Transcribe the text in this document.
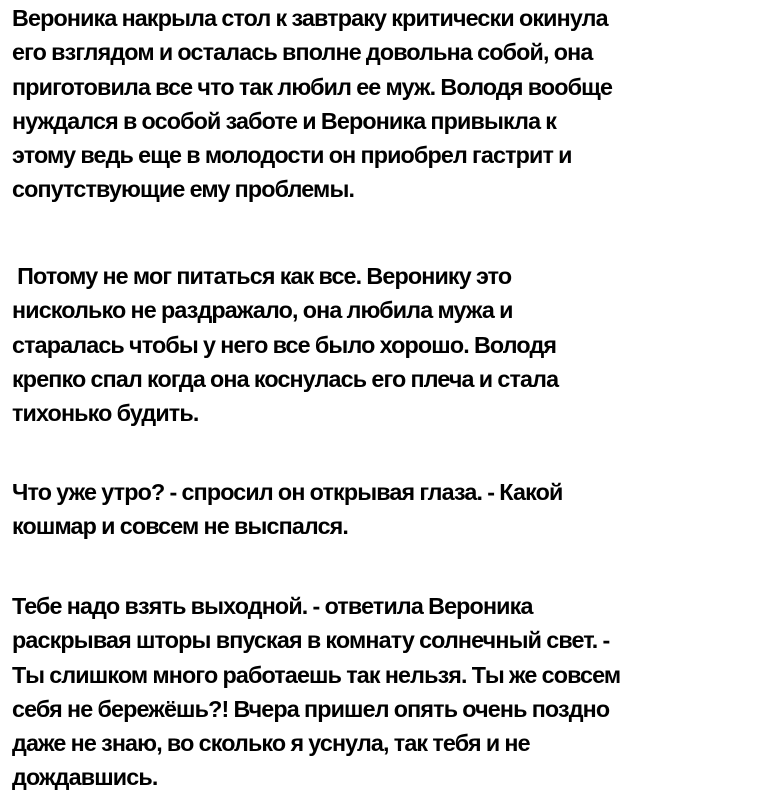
Вероника накрыла стол к завтраку критически окинула
его взглядом и осталась вполне довольна собой, она
приготовила все что так любил ее муж. Володя вообще
нуждался в особой заботе и Вероника привыкла к
этому ведь еще в молодости он приобрел гастрит и
сопутствующие ему проблемы.

Потому не мог питаться как все. Веронику это
нисколько не раздражало, она любила мужа и
старалась чтобы у него все было хорошо. Володя
крепко спал когда она коснулась его плеча и стала
тихонько будить.

Что уже утро? - спросил он открывая глаза. - Какой
кошмар и совсем не выспался.

Тебе надо взять выходной. - ответила Вероника
раскрывая шторы впуская в комнату солнечный свет. -
Ты слишком много работаешь так нельзя. Ты же совсем
себя не бережёшь?! Вчера пришел опять очень поздно
даже не знаю, во сколько я уснула, так тебя и не
дождавшись.
